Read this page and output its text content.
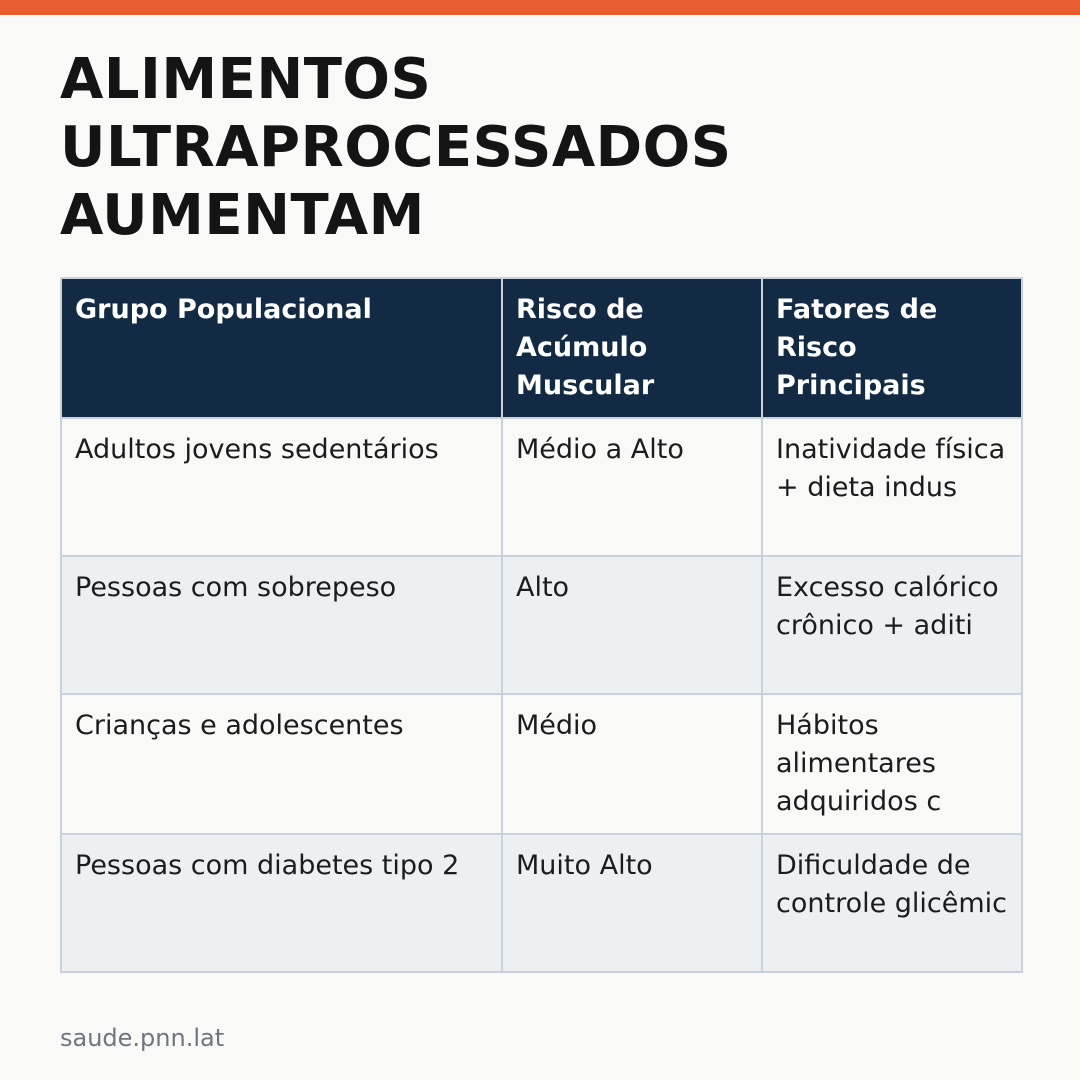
ALIMENTOS ULTRAPROCESSADOS AUMENTAM
Grupo Populacional	Risco de Acúmulo Muscular	Fatores de Risco Principais
Adultos jovens sedentários	Médio a Alto	Inatividade física + dieta indus
Pessoas com sobrepeso	Alto	Excesso calórico crônico + aditi
Crianças e adolescentes	Médio	Hábitos alimentares adquiridos c
Pessoas com diabetes tipo 2	Muito Alto	Dificuldade de controle glicêmic
saude.pnn.lat
